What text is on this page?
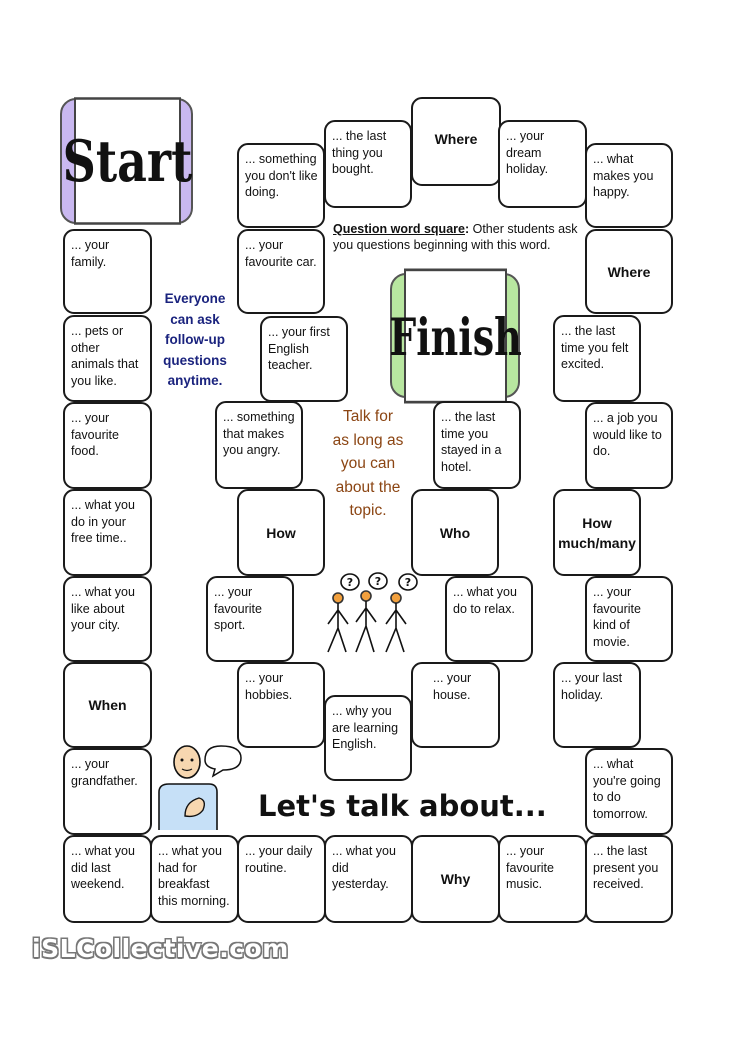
Start
Finish
... something you don't like doing.
... the last thing you bought.
Where	... your dream holiday.
... what makes you happy.
... your family.
... your favourite car.
Where
... pets or other animals that you like.
... your first English teacher.
... the last time you felt excited.
... your favourite food.
... something that makes you angry.
... the last time you stayed in a hotel.
... a job you would like to do.
... what you do in your free time..	How	Who
How much/many
... what you like about your city.
... your favourite sport.
... what you do to relax.
... your favourite kind of movie.
When
... your hobbies.
... your house.
... your last holiday.
... why you are learning English.
... your grandfather.
... what you're going to do tomorrow.
... what you did last weekend.
... what you had for breakfast this morning.
... your daily routine.
... what you did yesterday.	Why
... your favourite music.
... the last present you received.
Question word square: Other students ask you questions beginning with this word.
Everyone
can ask
follow-up
questions
anytime.
Talk for
as long as
you can
about the
topic.
? ? ?
Let's talk about...
iSLCollective.com
